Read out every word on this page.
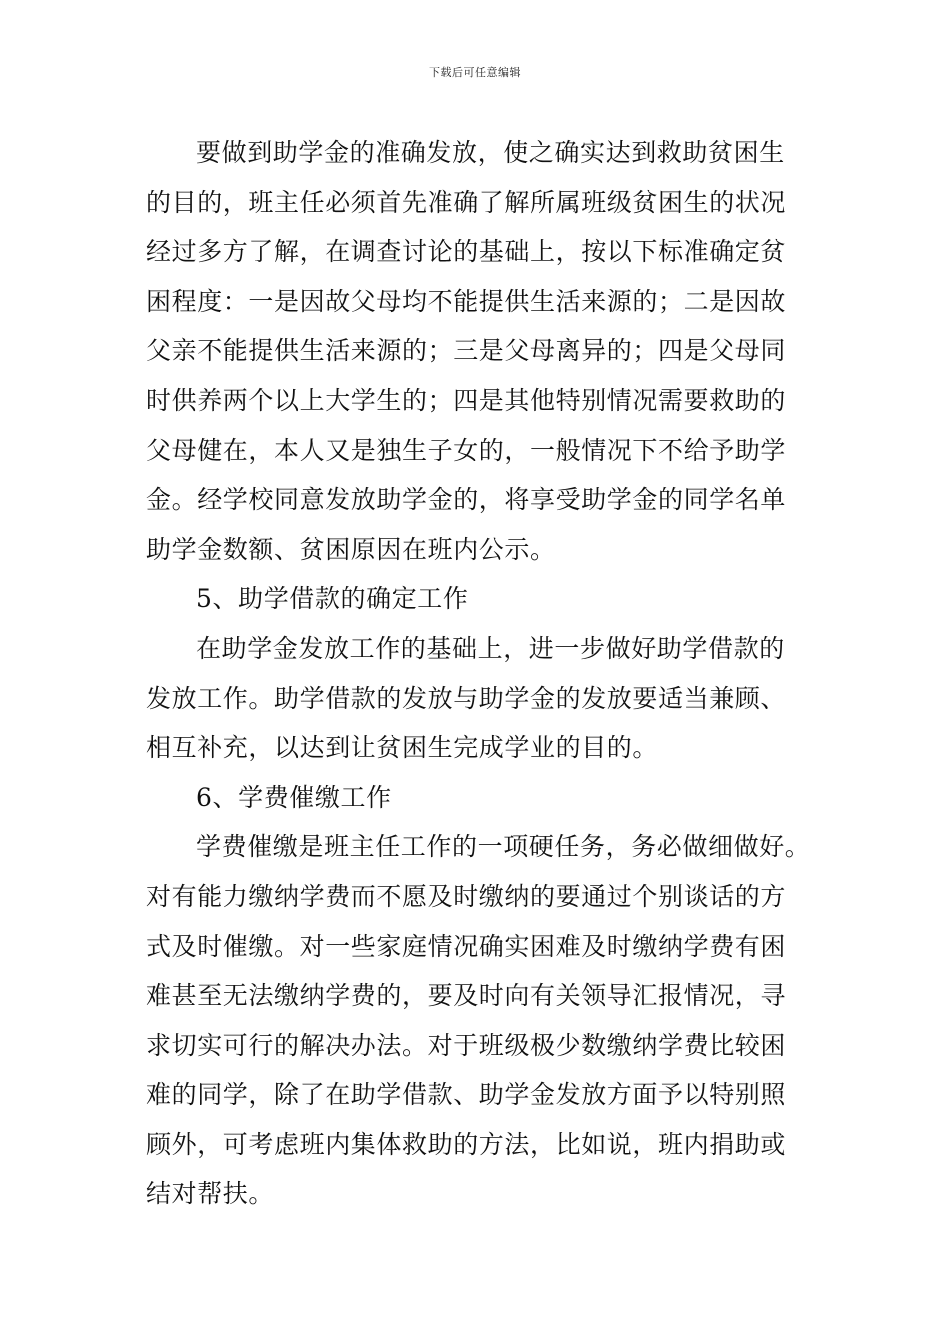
下载后可任意编辑
要做到助学金的准确发放，使之确实达到救助贫困生
的目的，班主任必须首先准确了解所属班级贫困生的状况
经过多方了解，在调查讨论的基础上，按以下标准确定贫
困程度：一是因故父母均不能提供生活来源的；二是因故
父亲不能提供生活来源的；三是父母离异的；四是父母同
时供养两个以上大学生的；四是其他特别情况需要救助的
父母健在，本人又是独生子女的，一般情况下不给予助学
金。经学校同意发放助学金的，将享受助学金的同学名单
助学金数额、贫困原因在班内公示。
5、助学借款的确定工作
在助学金发放工作的基础上，进一步做好助学借款的
发放工作。助学借款的发放与助学金的发放要适当兼顾、
相互补充，以达到让贫困生完成学业的目的。
6、学费催缴工作
学费催缴是班主任工作的一项硬任务，务必做细做好。
对有能力缴纳学费而不愿及时缴纳的要通过个别谈话的方
式及时催缴。对一些家庭情况确实困难及时缴纳学费有困
难甚至无法缴纳学费的，要及时向有关领导汇报情况，寻
求切实可行的解决办法。对于班级极少数缴纳学费比较困
难的同学，除了在助学借款、助学金发放方面予以特别照
顾外，可考虑班内集体救助的方法，比如说，班内捐助或
结对帮扶。
